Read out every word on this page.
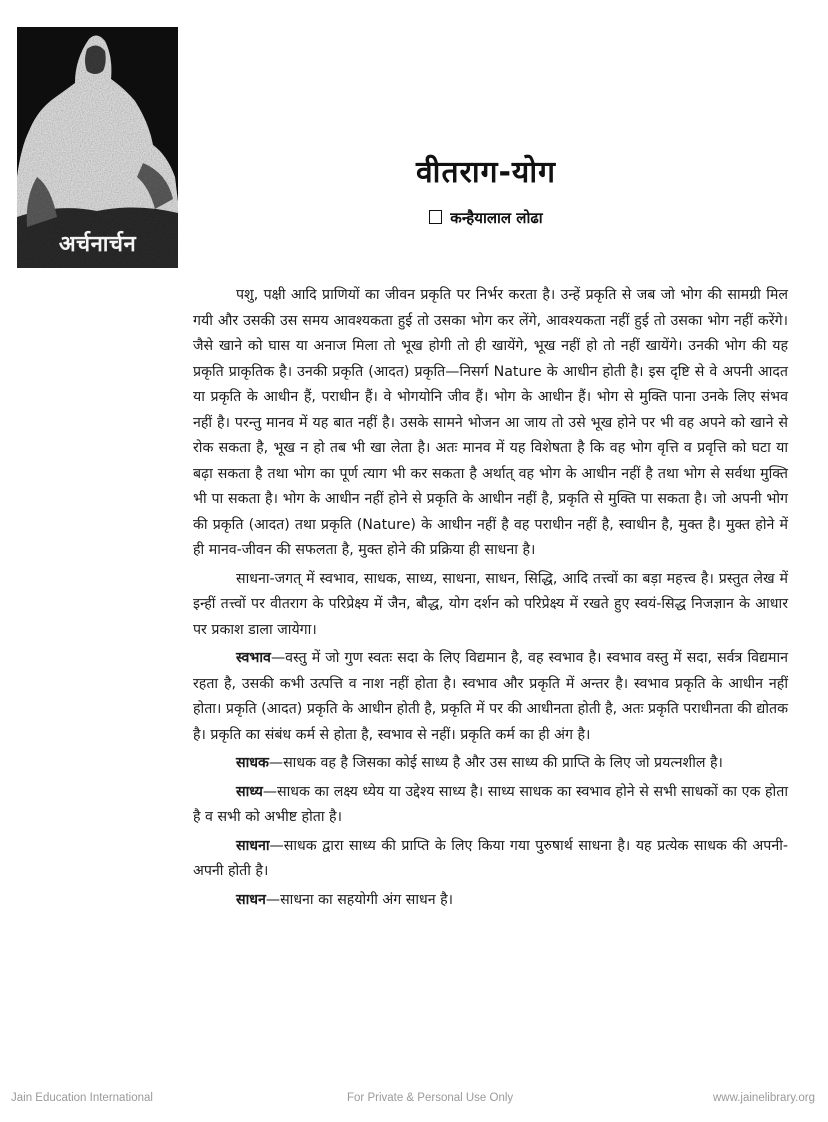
अर्चनार्चन
वीतराग-योग
कन्हैयालाल लोढा

पशु, पक्षी आदि प्राणियों का जीवन प्रकृति पर निर्भर करता है। उन्हें प्रकृति से जब जो भोग की सामग्री मिल गयी और उसकी उस समय आवश्यकता हुई तो उसका भोग कर लेंगे, आवश्यकता नहीं हुई तो उसका भोग नहीं करेंगे। जैसे खाने को घास या अनाज मिला तो भूख होगी तो ही खायेंगे, भूख नहीं हो तो नहीं खायेंगे। उनकी भोग की यह प्रकृति प्राकृतिक है। उनकी प्रकृति (आदत) प्रकृति—निसर्ग Nature के आधीन होती है। इस दृष्टि से वे अपनी आदत या प्रकृति के आधीन हैं, पराधीन हैं। वे भोगयोनि जीव हैं। भोग के आधीन हैं। भोग से मुक्ति पाना उनके लिए संभव नहीं है। परन्तु मानव में यह बात नहीं है। उसके सामने भोजन आ जाय तो उसे भूख होने पर भी वह अपने को खाने से रोक सकता है, भूख न हो तब भी खा लेता है। अतः मानव में यह विशेषता है कि वह भोग वृत्ति व प्रवृत्ति को घटा या बढ़ा सकता है तथा भोग का पूर्ण त्याग भी कर सकता है अर्थात् वह भोग के आधीन नहीं है तथा भोग से सर्वथा मुक्ति भी पा सकता है। भोग के आधीन नहीं होने से प्रकृति के आधीन नहीं है, प्रकृति से मुक्ति पा सकता है। जो अपनी भोग की प्रकृति (आदत) तथा प्रकृति (Nature) के आधीन नहीं है वह पराधीन नहीं है, स्वाधीन है, मुक्त है। मुक्त होने में ही मानव-जीवन की सफलता है, मुक्त होने की प्रक्रिया ही साधना है।

साधना-जगत् में स्वभाव, साधक, साध्य, साधना, साधन, सिद्धि, आदि तत्त्वों का बड़ा महत्त्व है। प्रस्तुत लेख में इन्हीं तत्त्वों पर वीतराग के परिप्रेक्ष्य में जैन, बौद्ध, योग दर्शन को परिप्रेक्ष्य में रखते हुए स्वयं-सिद्ध निजज्ञान के आधार पर प्रकाश डाला जायेगा।

स्वभाव—वस्तु में जो गुण स्वतः सदा के लिए विद्यमान है, वह स्वभाव है। स्वभाव वस्तु में सदा, सर्वत्र विद्यमान रहता है, उसकी कभी उत्पत्ति व नाश नहीं होता है। स्वभाव और प्रकृति में अन्तर है। स्वभाव प्रकृति के आधीन नहीं होता। प्रकृति (आदत) प्रकृति के आधीन होती है, प्रकृति में पर की आधीनता होती है, अतः प्रकृति पराधीनता की द्योतक है। प्रकृति का संबंध कर्म से होता है, स्वभाव से नहीं। प्रकृति कर्म का ही अंग है।

साधक—साधक वह है जिसका कोई साध्य है और उस साध्य की प्राप्ति के लिए जो प्रयत्नशील है।

साध्य—साधक का लक्ष्य ध्येय या उद्देश्य साध्य है। साध्य साधक का स्वभाव होने से सभी साधकों का एक होता है व सभी को अभीष्ट होता है।

साधना—साधक द्वारा साध्य की प्राप्ति के लिए किया गया पुरुषार्थ साधना है। यह प्रत्येक साधक की अपनी-अपनी होती है।

साधन—साधना का सहयोगी अंग साधन है।

Jain Education International	For Private & Personal Use Only	www.jainelibrary.org
